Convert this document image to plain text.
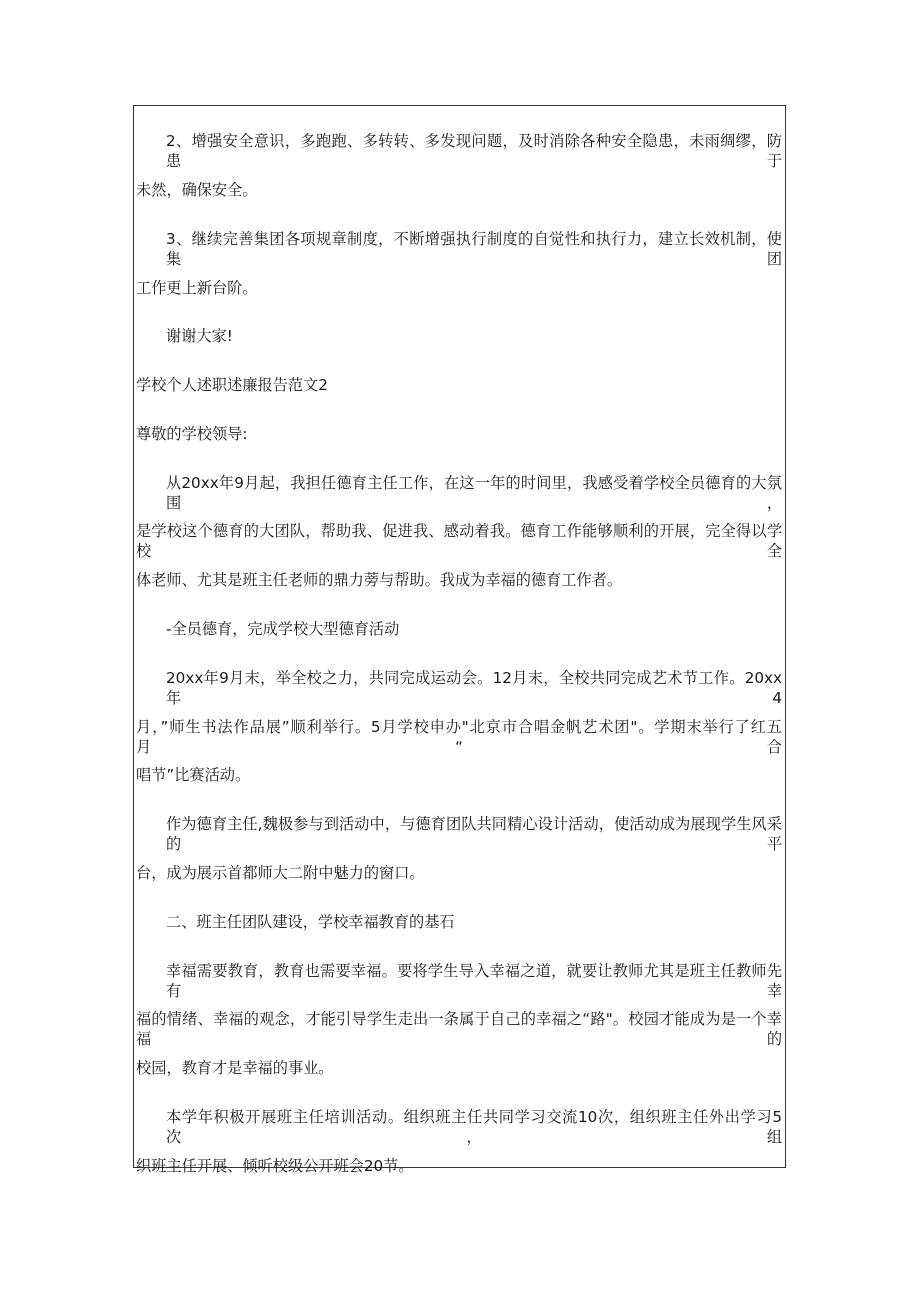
2、增强安全意识，多跑跑、多转转、多发现问题，及时消除各种安全隐患，未雨绸缪，防患于
未然，确保安全。
3、继续完善集团各项规章制度，不断增强执行制度的自觉性和执行力，建立长效机制，使集团
工作更上新台阶。
谢谢大家!
学校个人述职述廉报告范文2
尊敬的学校领导:
从20xx年9月起，我担任德育主任工作，在这一年的时间里，我感受着学校全员德育的大氛围，
是学校这个德育的大团队，帮助我、促进我、感动着我。德育工作能够顺利的开展，完全得以学校全
体老师、尤其是班主任老师的鼎力蒡与帮助。我成为幸福的德育工作者。
-全员德育，完成学校大型德育活动
20xx年9月末，举全校之力，共同完成运动会。12月末，全校共同完成艺术节工作。20xx年4
月，”师生书法作品展”顺利举行。5月学校申办"北京市合唱金帆艺术团"。学期末举行了红五月“合
唱节”比赛活动。
作为德育主任,魏极参与到活动中，与德育团队共同精心设计活动，使活动成为展现学生风采的平
台，成为展示首都师大二附中魅力的窗口。
二、班主任团队建设，学校幸福教育的基石
幸福需要教育，教育也需要幸福。要将学生导入幸福之道，就要让教师尤其是班主任教师先有幸
福的情绪、幸福的观念，才能引导学生走出一条属于自己的幸福之“路"。校园才能成为是一个幸福的
校园，教育才是幸福的事业。
本学年积极开展班主任培训活动。组织班主任共同学习交流10次，组织班主任外出学习5次，组
织班主任开展、倾听校级公开班会20节。
